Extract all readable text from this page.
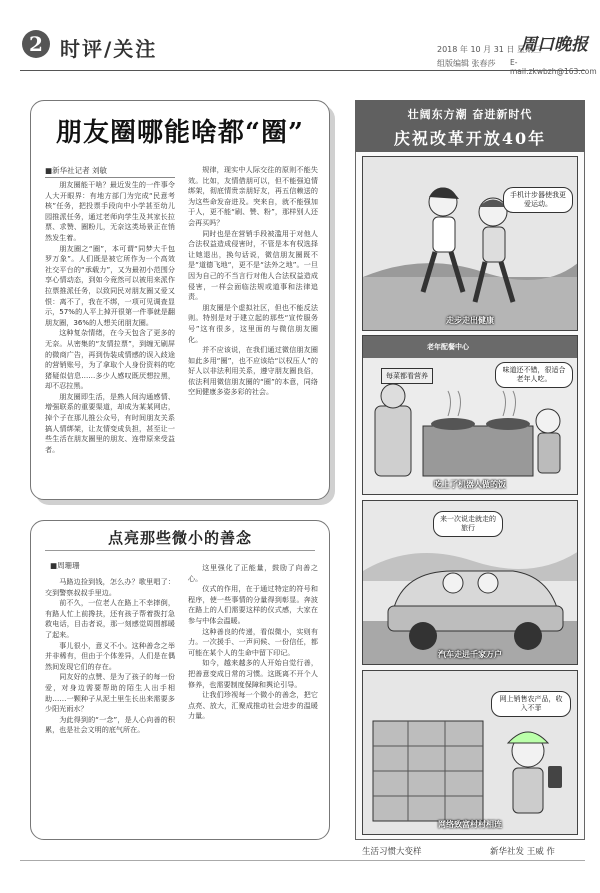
2 时评/关注	2018 年 10 月 31 日 星期三
周口晚报
组版编辑 张春莎 E-mail:zkwbzh@163.com
朋友圈哪能啥都“圈”
■新华社记者 刘敏

朋友圈能干啥？最近发生的一件事令人大开眼界：有地方部门为完成“民意考核”任务，把投票手段向中小学甚至幼儿园推派任务，通过老师向学生及其家长拉票、求赞、圈粉儿，无奈这类场景正在悄然发生着。

朋友圈之“圈”，本可谓“同梦大千包罗万象”。人们既是被它所作为一个高效社交平台的“承载力”，又为最初小范围分享心情动态，到如今竟然可以被用来派作拉票推派任务，以致同民对朋友圈又爱又恨：离不了，我在不绑，一项可见调查显示，57%的人平上掉开很第一件事就是翻朋友圈，36%的人想关闭朋友圈。

这种复杂情绪，在今天包含了更多的无奈。从密集的“友情拉票”，到缠无刷屏的微商广告，再到伪装成情感的误入歧途的营销账号，为了拿取个人身份资料的吃猪疑似信息……多少人感叹既厌想拉黑，却不忍拉黑。

朋友圈即生活，是熟人间沟通感情、增强联系的重要渠道，却成为某某网店，掉个子在那儿推公众号，有时间朋友关系搞人情绑架，让友情变成负担，甚至让一些生活在朋友圈里的朋友、连带原来受益者。

规律，现实中人际交往的原则不能失效。比如，友情借朋可以，但不能强迫情绑架，彻底情贵亲朋好友，再五信赖送的为这些命发奋进及。突来自，就不能强加于人，更不能“刷、赞、粉”，那样别人还会再买吗？

同时也是在营销手段被滥用于对他人合法权益造成侵害时，不管是本有权选择让她退出，换句话说，微信朋友圈既不是“道德飞地“，更不是“法外之地”。一旦因为自己的不当言行对他人合法权益造成侵害，一样会面临法规或道事和法律追责。

朋友圈是个虚拟社区，但也不能反法则。特别是对于建立起的那些“宣传服务号”这有很多，这里面的与微信朋友圈化。

并不应该说，在我们通过微信朋友圈如此多用“圈”，也不应该给“以权压人”的好人以非法利用关系，遵守朋友圈良俗，依法利用微信朋友圈的“圈”的本意，同络空间健康多姿多彩的社会。

点亮那些微小的善念
■周珊珊

马路边捡到钱，怎么办？歌里唱了：交到警察叔叔手里边。

前不久，一位老人在路上不幸摔倒，有路人忙上前搀扶，还有孩子帮着拨打急救电话，目击者说，那一刻感觉周围都暖了起来。

事儿很小，意义不小。这种善念之举并非稀有，但由于个体差异，人们是在偶然间发现它们的存在。

同友好的点赞、是为了孩子的每一份爱，对身边需要帮助的陌生人出手相助……一颗种子从泥土里生长出来需要多少阳光雨水？

为此得到的“一念”，是人心向善的积累，也是社会文明的底气所在。

这里强化了正能量，鼓励了向善之心。

仪式的作用，在于通过特定的符号和程序，使一些事情的分量得到彰显。奔波在路上的人们需要这样的仪式感，大家在参与中体会温暖。

这种善良的传递，看似微小，实则有力。一次援手、一声问候、一份信任，都可能在某个人的生命中留下印记。

如今，越来越多的人开始自觉行善，把善意变成日常的习惯。这既离不开个人修养，也需要制度保障和舆论引导。

让我们珍视每一个微小的善念，把它点亮、放大，汇聚成推动社会进步的温暖力量。

壮阔东方潮 奋进新时代
庆祝改革开放40年
手机计步器使我更爱运动。
走步走出健康
老年配餐中心
味道还不错，很适合老年人吃。
每菜都看营养
吃上了机器人做的饭
来一次说走就走的旅行
汽车走进千家万户
网上销售农产品，收入不菲
网络致富村村相连
生活习惯大变样	新华社发 王威 作
